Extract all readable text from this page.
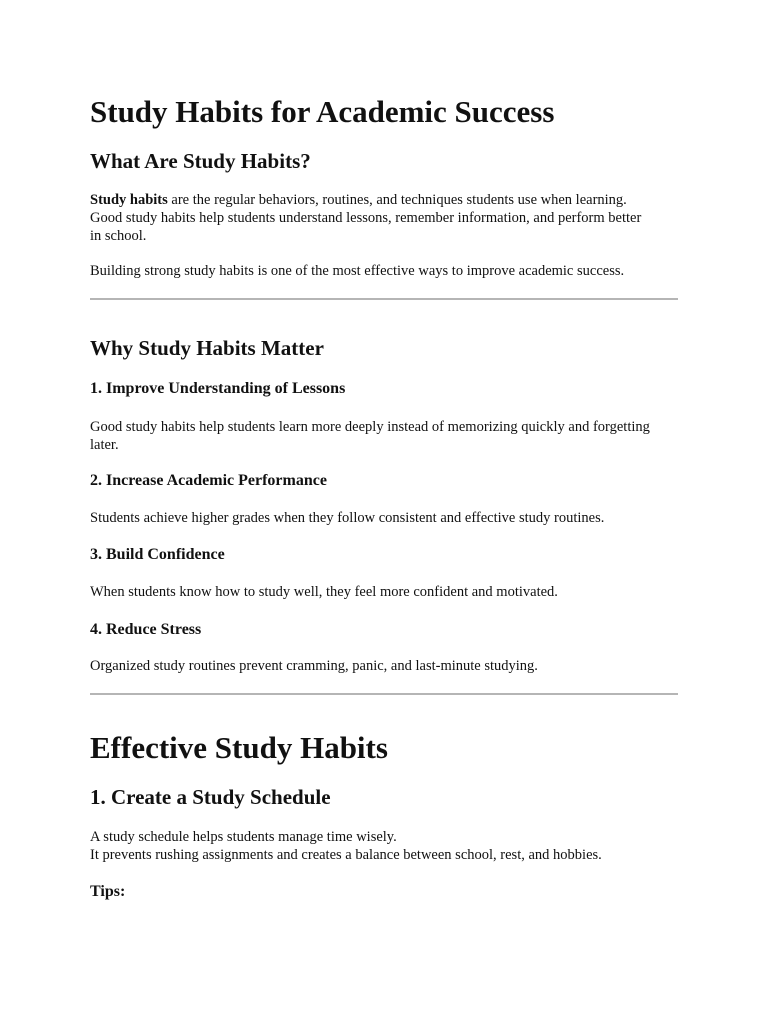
Study Habits for Academic Success
What Are Study Habits?

Study habits are the regular behaviors, routines, and techniques students use when learning.

Good study habits help students understand lessons, remember information, and perform better

in school.

Building strong study habits is one of the most effective ways to improve academic success.

Why Study Habits Matter
1. Improve Understanding of Lessons

Good study habits help students learn more deeply instead of memorizing quickly and forgetting

later.

2. Increase Academic Performance

Students achieve higher grades when they follow consistent and effective study routines.

3. Build Confidence

When students know how to study well, they feel more confident and motivated.

4. Reduce Stress

Organized study routines prevent cramming, panic, and last-minute studying.

Effective Study Habits
1. Create a Study Schedule

A study schedule helps students manage time wisely.

It prevents rushing assignments and creates a balance between school, rest, and hobbies.

Tips:
